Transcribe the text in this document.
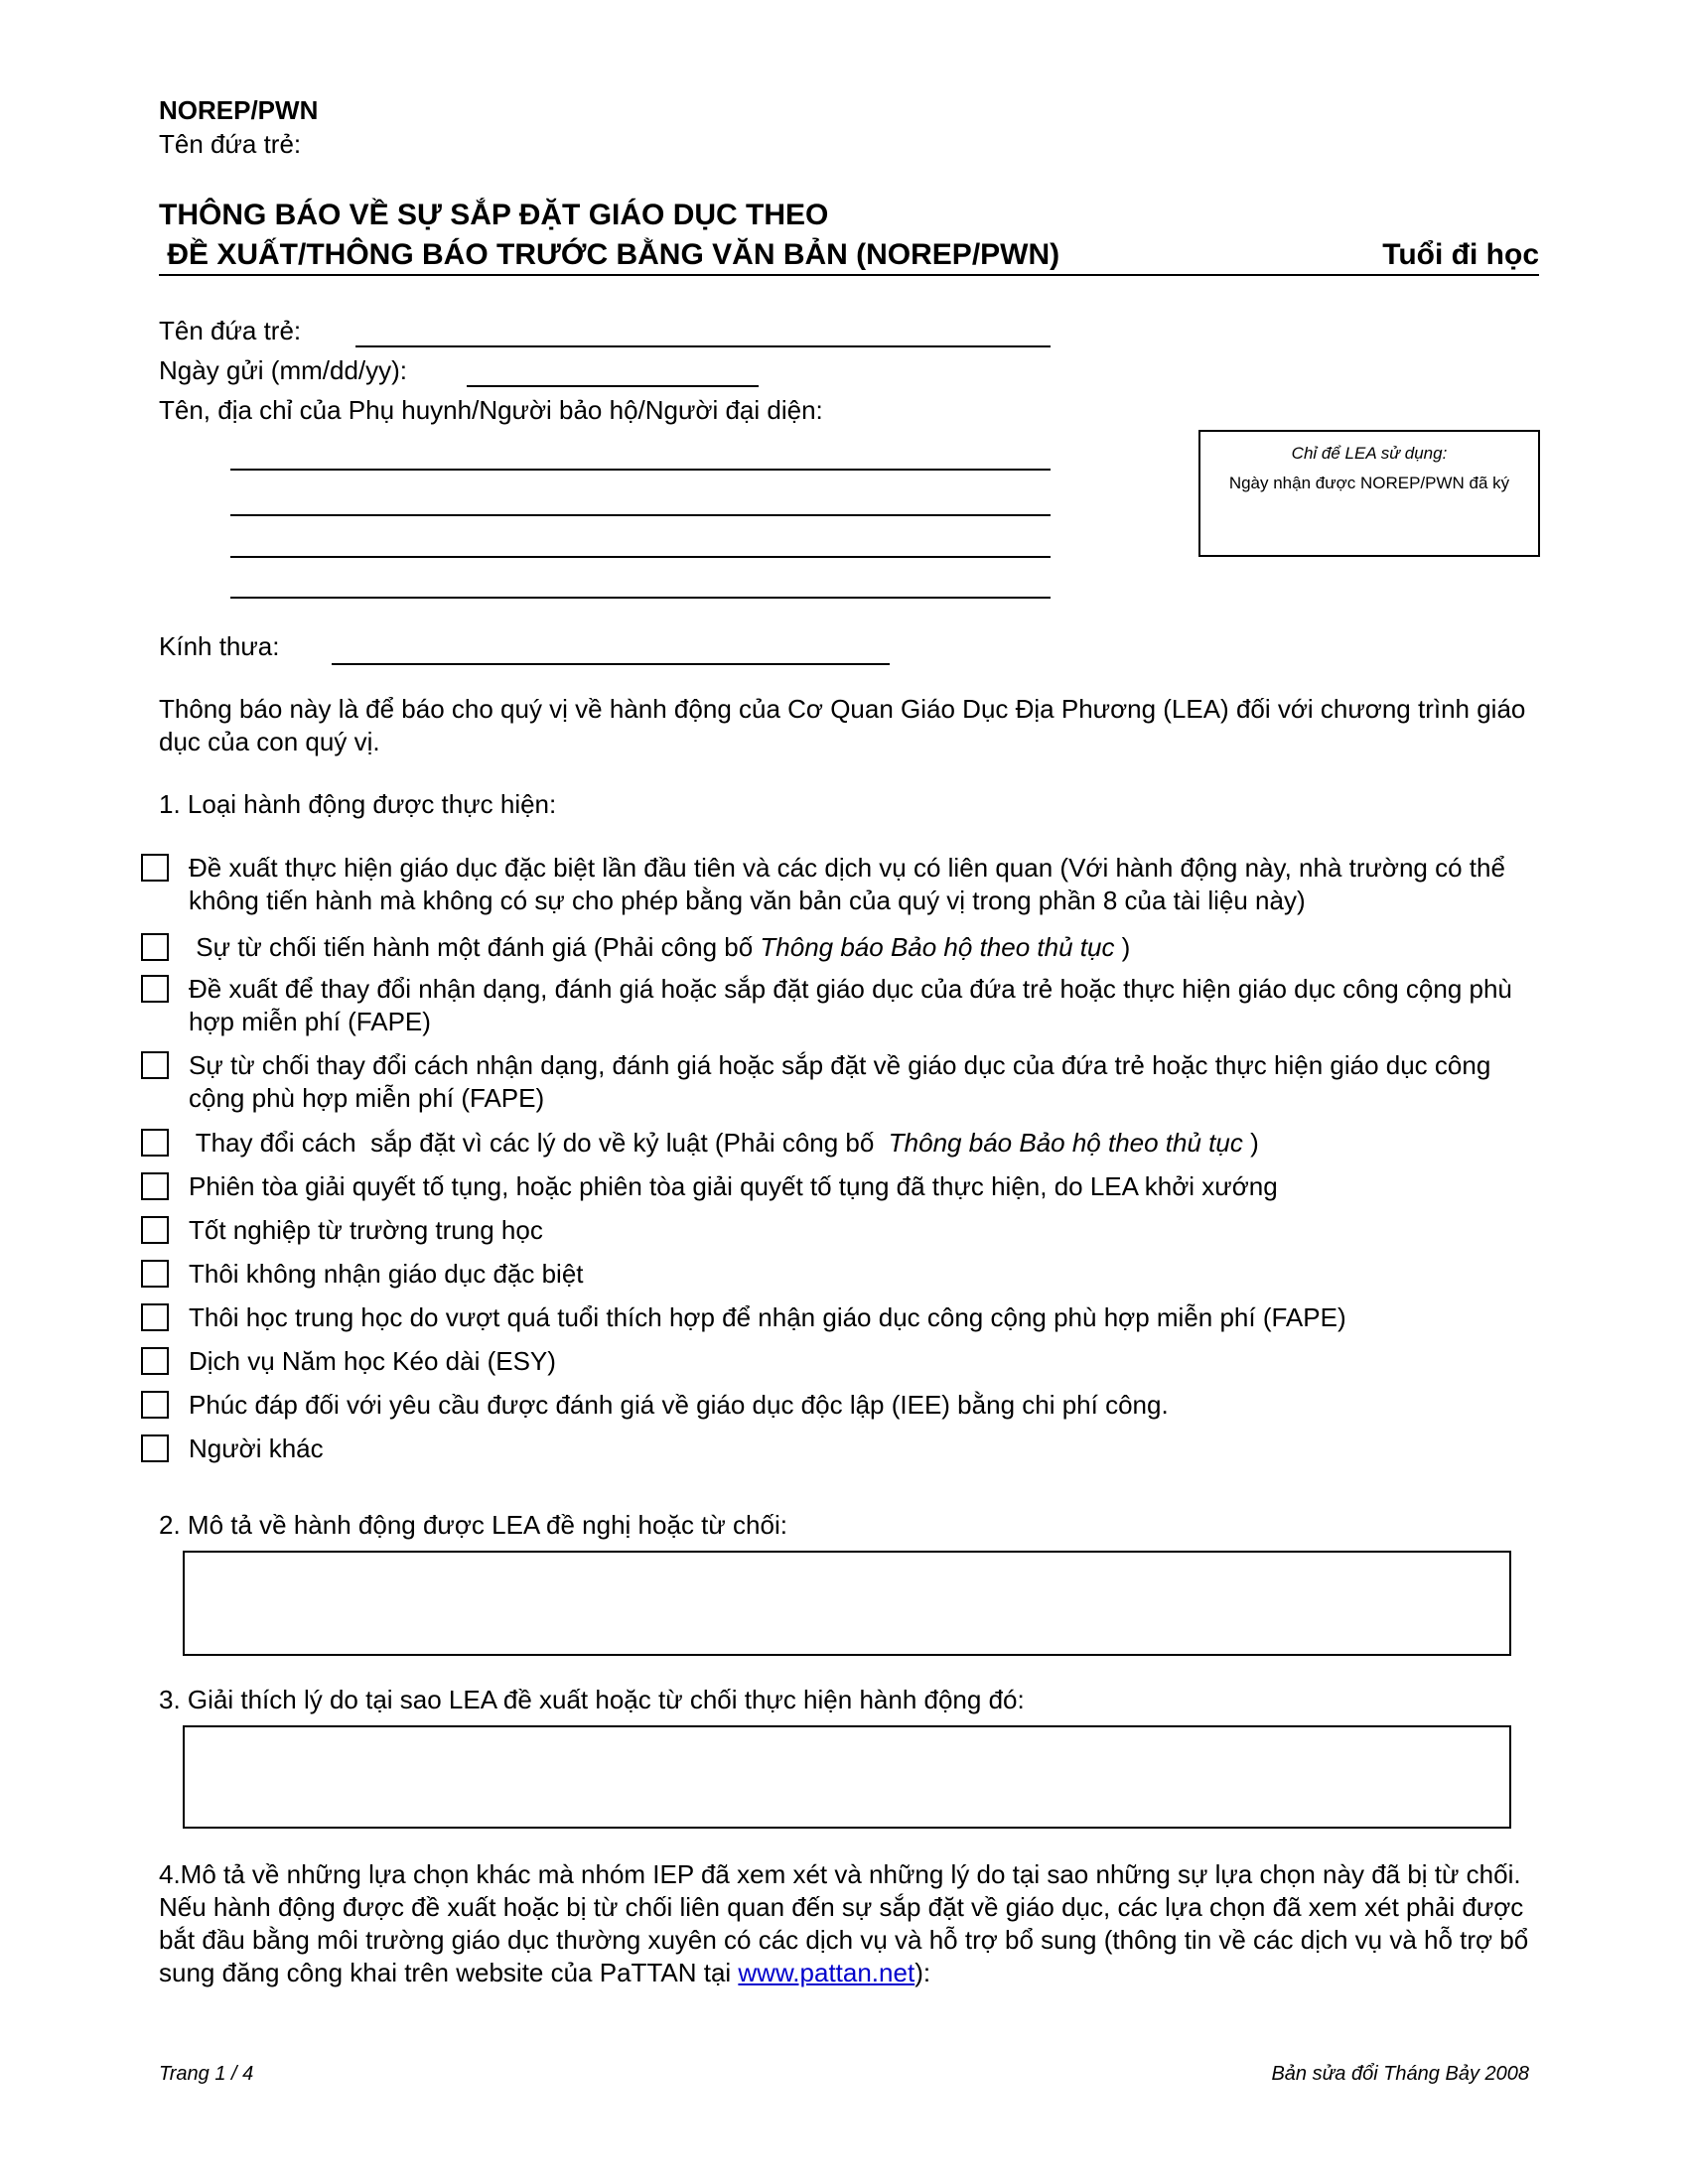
NOREP/PWN
Tên đứa trẻ:
THÔNG BÁO VỀ SỰ SẮP ĐẶT GIÁO DỤC THEO
ĐỀ XUẤT/THÔNG BÁO TRƯỚC BẰNG VĂN BẢN (NOREP/PWN)	Tuổi đi học
Tên đứa trẻ:
Ngày gửi (mm/dd/yy):
Tên, địa chỉ của Phụ huynh/Người bảo hộ/Người đại diện:
Chỉ để LEA sử dụng:
Ngày nhận được NOREP/PWN đã ký
Kính thưa:
Thông báo này là để báo cho quý vị về hành động của Cơ Quan Giáo Dục Địa Phương (LEA) đối với chương trình giáo dục của con quý vị.
1. Loại hành động được thực hiện:
Đề xuất thực hiện giáo dục đặc biệt lần đầu tiên và các dịch vụ có liên quan (Với hành động này, nhà trường có thể không tiến hành mà không có sự cho phép bằng văn bản của quý vị trong phần 8 của tài liệu này)
Sự từ chối tiến hành một đánh giá (Phải công bố Thông báo Bảo hộ theo thủ tục )
Đề xuất để thay đổi nhận dạng, đánh giá hoặc sắp đặt giáo dục của đứa trẻ hoặc thực hiện giáo dục công cộng phù hợp miễn phí (FAPE)
Sự từ chối thay đổi cách nhận dạng, đánh giá hoặc sắp đặt về giáo dục của đứa trẻ hoặc thực hiện giáo dục công cộng phù hợp miễn phí (FAPE)
Thay đổi cách  sắp đặt vì các lý do về kỷ luật (Phải công bố  Thông báo Bảo hộ theo thủ tục )
Phiên tòa giải quyết tố tụng, hoặc phiên tòa giải quyết tố tụng đã thực hiện, do LEA khởi xướng
Tốt nghiệp từ trường trung học
Thôi không nhận giáo dục đặc biệt
Thôi học trung học do vượt quá tuổi thích hợp để nhận giáo dục công cộng phù hợp miễn phí (FAPE)
Dịch vụ Năm học Kéo dài (ESY)
Phúc đáp đối với yêu cầu được đánh giá về giáo dục độc lập (IEE) bằng chi phí công.
Người khác
2. Mô tả về hành động được LEA đề nghị hoặc từ chối:
3. Giải thích lý do tại sao LEA đề xuất hoặc từ chối thực hiện hành động đó:
4.Mô tả về những lựa chọn khác mà nhóm IEP đã xem xét và những lý do tại sao những sự lựa chọn này đã bị từ chối. Nếu hành động được đề xuất hoặc bị từ chối liên quan đến sự sắp đặt về giáo dục, các lựa chọn đã xem xét phải được bắt đầu bằng môi trường giáo dục thường xuyên có các dịch vụ và hỗ trợ bổ sung (thông tin về các dịch vụ và hỗ trợ bổ sung đăng công khai trên website của PaTTAN tại www.pattan.net):
Trang 1 / 4	Bản sửa đổi Tháng Bảy 2008
